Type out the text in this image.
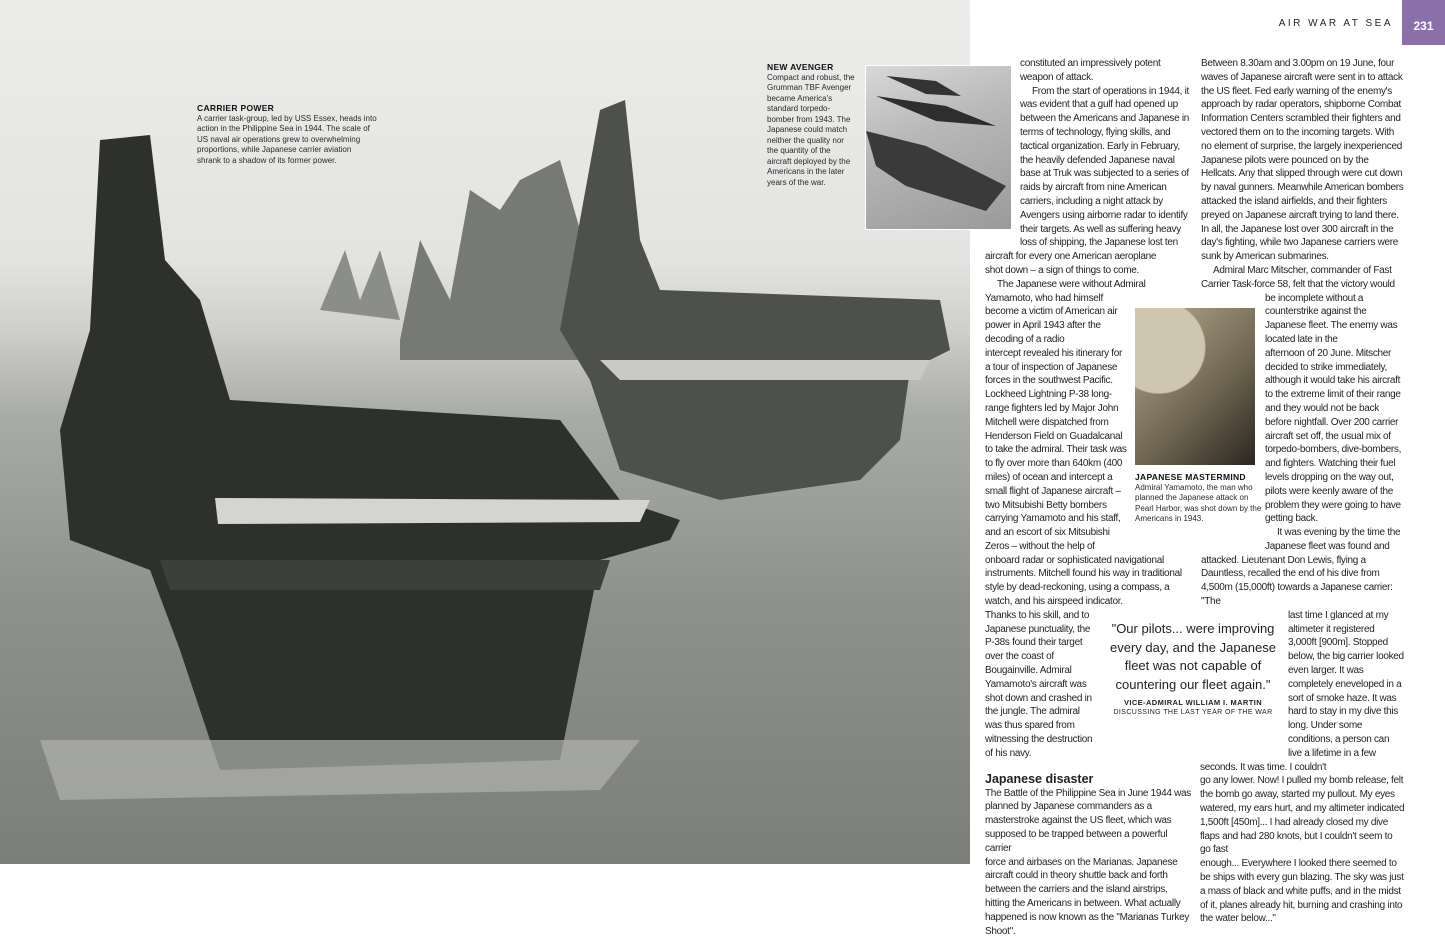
CARRIER POWER
A carrier task-group, led by USS Essex, heads into action in the Philippine Sea in 1944. The scale of US naval air operations grew to overwhelming proportions, while Japanese carrier aviation shrank to a shadow of its former power.
NEW AVENGER
Compact and robust, the Grumman TBF Avenger became America's standard torpedo-bomber from 1943. The Japanese could match neither the quality nor the quantity of the aircraft deployed by the Americans in the later years of the war.
AIR WAR AT SEA	231

constituted an impressively potent weapon of attack.

From the start of operations in 1944, it was evident that a gulf had opened up between the Americans and Japanese in terms of technology, flying skills, and tactical organization. Early in February, the heavily defended Japanese naval base at Truk was subjected to a series of raids by aircraft from nine American carriers, including a night attack by Avengers using airborne radar to identify their targets. As well as suffering heavy loss of shipping, the Japanese lost ten aircraft for every one American aeroplane

shot down – a sign of things to come.

The Japanese were without Admiral Yamamoto, who had himself become a victim of American air power in April 1943 after the decoding of a radio

intercept revealed his itinerary for a tour of inspection of Japanese forces in the southwest Pacific. Lockheed Lightning P-38 long-range fighters led by Major John Mitchell were dispatched from Henderson Field on Guadalcanal to take the admiral. Their task was to fly over more than 640km (400 miles) of ocean and intercept a small flight of Japanese aircraft – two Mitsubishi Betty bombers carrying Yamamoto and his staff, and an escort of six Mitsubishi Zeros – without the help of onboard radar or sophisticated navigational instruments. Mitchell found his way in traditional style by dead-reckoning, using a compass, a watch, and his airspeed indicator.

Thanks to his skill, and to Japanese punctuality, the P-38s found their target over the coast of Bougainville. Admiral Yamamoto's aircraft was shot down and crashed in the jungle. The admiral was thus spared from witnessing the destruction of his navy.

Japanese disaster

The Battle of the Philippine Sea in June 1944 was planned by Japanese commanders as a masterstroke against the US fleet, which was supposed to be trapped between a powerful carrier

force and airbases on the Marianas. Japanese aircraft could in theory shuttle back and forth between the carriers and the island airstrips, hitting the Americans in between. What actually happened is now known as the "Marianas Turkey Shoot".

Between 8.30am and 3.00pm on 19 June, four waves of Japanese aircraft were sent in to attack the US fleet. Fed early warning of the enemy's approach by radar operators, shipborne Combat Information Centers scrambled their fighters and vectored them on to the incoming targets. With no element of surprise, the largely inexperienced Japanese pilots were pounced on by the Hellcats. Any that slipped through were cut down by naval gunners. Meanwhile American bombers attacked the island airfields, and their fighters preyed on Japanese aircraft trying to land there. In all, the Japanese lost over 300 aircraft in the day's fighting, while two Japanese carriers were sunk by American submarines.

Admiral Marc Mitscher, commander of Fast Carrier Task-force 58, felt that the victory would be incomplete without a counterstrike against the Japanese fleet. The enemy was located late in the

afternoon of 20 June. Mitscher decided to strike immediately, although it would take his aircraft to the extreme limit of their range and they would not be back before nightfall. Over 200 carrier aircraft set off, the usual mix of torpedo-bombers, dive-bombers, and fighters. Watching their fuel levels dropping on the way out, pilots were keenly aware of the problem they were going to have getting back.

It was evening by the time the Japanese fleet was found and attacked. Lieutenant Don Lewis, flying a Dauntless, recalled the end of his dive from 4,500m (15,000ft) towards a Japanese carrier: "The

last time I glanced at my altimeter it registered 3,000ft [900m]. Stopped below, the big carrier looked even larger. It was completely eneveloped in a sort of smoke haze. It was hard to stay in my dive this long. Under some conditions, a person can live a lifetime in a few seconds. It was time. I couldn't

go any lower. Now! I pulled my bomb release, felt the bomb go away, started my pullout. My eyes watered, my ears hurt, and my altimeter indicated 1,500ft [450m]... I had already closed my dive flaps and had 280 knots, but I couldn't seem to go fast

enough... Everywhere I looked there seemed to be ships with every gun blazing. The sky was just a mass of black and white puffs, and in the midst of it, planes already hit, burning and crashing into the water below..."

JAPANESE MASTERMIND
Admiral Yamamoto, the man who planned the Japanese attack on Pearl Harbor, was shot down by the Americans in 1943.
"Our pilots... were improving every day, and the Japanese fleet was not capable of countering our fleet again."
VICE-ADMIRAL WILLIAM I. MARTIN
DISCUSSING THE LAST YEAR OF THE WAR
